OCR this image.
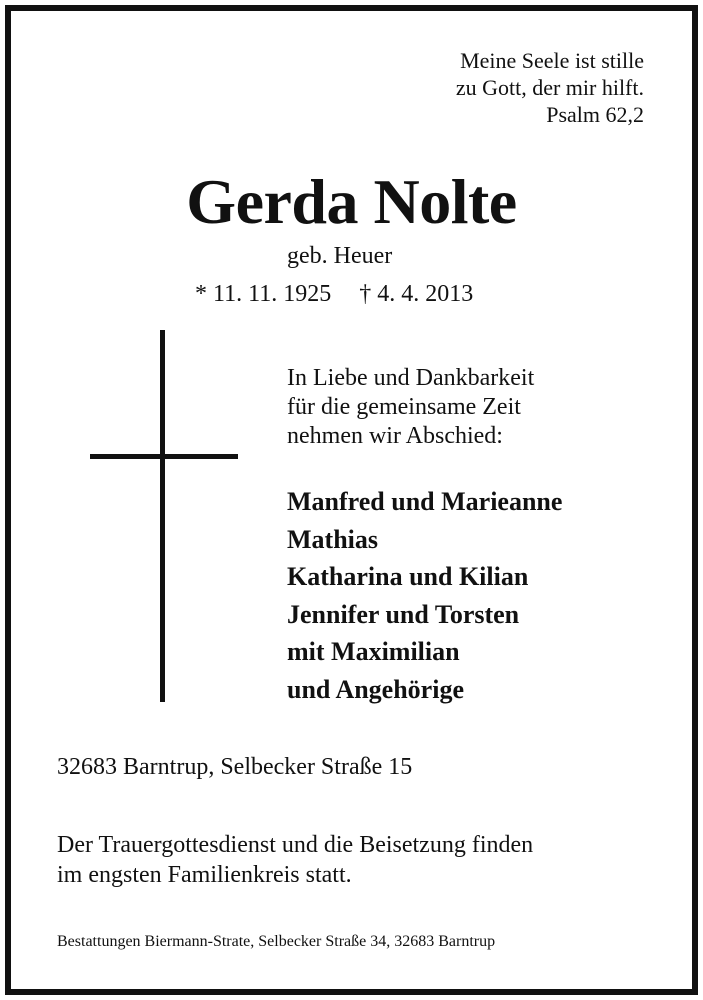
Meine Seele ist stille
zu Gott, der mir hilft.
Psalm 62,2
Gerda Nolte
geb. Heuer
* 11. 11. 1925 † 4. 4. 2013
In Liebe und Dankbarkeit
für die gemeinsame Zeit
nehmen wir Abschied:
Manfred und Marieanne
Mathias
Katharina und Kilian
Jennifer und Torsten
mit Maximilian
und Angehörige
32683 Barntrup, Selbecker Straße 15
Der Trauergottesdienst und die Beisetzung finden
im engsten Familienkreis statt.
Bestattungen Biermann-Strate, Selbecker Straße 34, 32683 Barntrup
